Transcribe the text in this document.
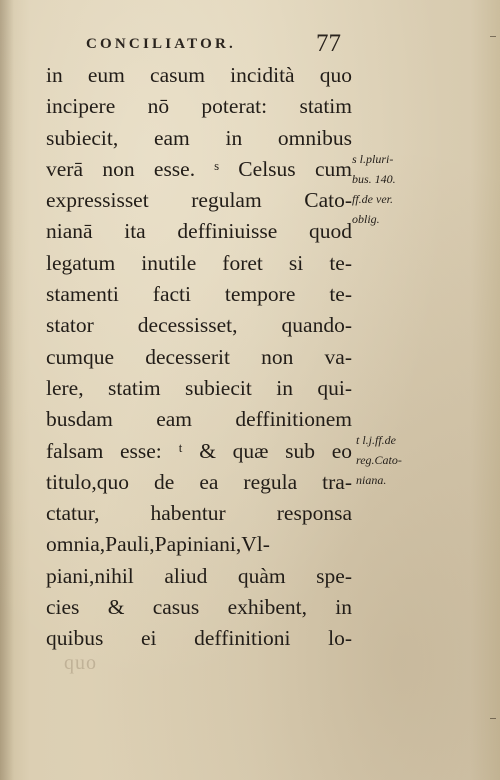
CONCILIATOR.	77
in eum casum incidità quo
incipere nō poterat: statim
subiecit, eam in omnibus
verā non esse. ˢ Celsus cum
expressisset regulam Cato-
nianā ita deffiniuisse quod
legatum inutile foret si te-
stamenti facti tempore te-
stator decessisset, quando-
cumque decesserit non va-
lere, statim subiecit in qui-
busdam eam deffinitionem
falsam esse: ᵗ & quæ sub eo
titulo,quo de ea regula tra-
ctatur, habentur responsa
omnia,Pauli,Papiniani,Vl-
piani,nihil aliud quàm spe-
cies & casus exhibent, in
quibus ei deffinitioni lo-
s l.pluri-
bus. 140.
ff.de ver.
oblig.
t l.j.ff.de
reg.Cato-
niana.
quo
